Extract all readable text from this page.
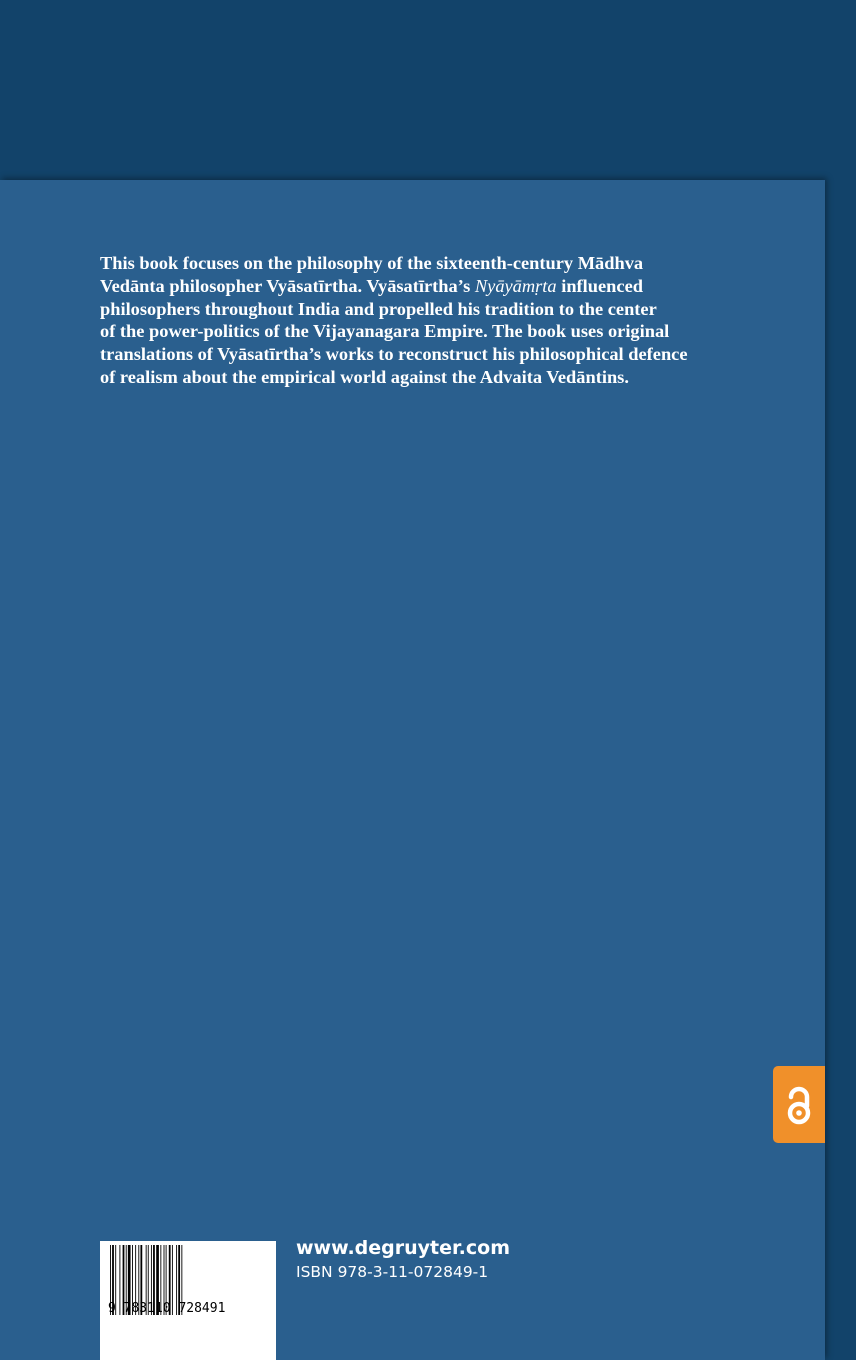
This book focuses on the philosophy of the sixteenth-century Mādhva
Vedānta philosopher Vyāsatīrtha. Vyāsatīrtha’s Nyāyāmṛta influenced
philosophers throughout India and propelled his tradition to the center
of the power-politics of the Vijayanagara Empire. The book uses original
translations of Vyāsatīrtha’s works to reconstruct his philosophical defence
of realism about the empirical world against the Advaita Vedāntins.

9 783110 728491
www.degruyter.com
ISBN 978-3-11-072849-1
